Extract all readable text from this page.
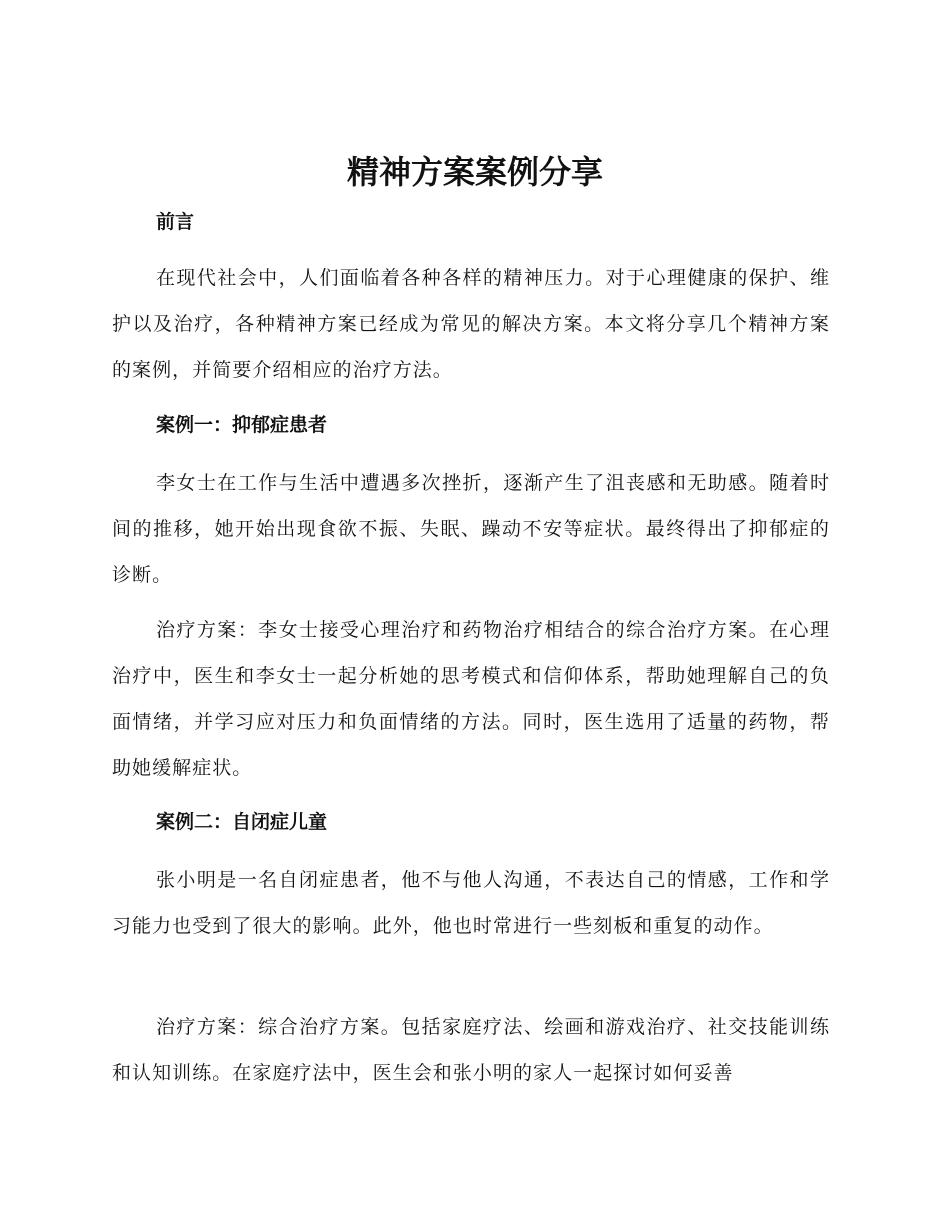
精神方案案例分享
前言

在现代社会中，人们面临着各种各样的精神压力。对于心理健康的保护、维护以及治疗，各种精神方案已经成为常见的解决方案。本文将分享几个精神方案的案例，并简要介绍相应的治疗方法。

案例一：抑郁症患者

李女士在工作与生活中遭遇多次挫折，逐渐产生了沮丧感和无助感。随着时间的推移，她开始出现食欲不振、失眠、躁动不安等症状。最终得出了抑郁症的诊断。

治疗方案：李女士接受心理治疗和药物治疗相结合的综合治疗方案。在心理治疗中，医生和李女士一起分析她的思考模式和信仰体系，帮助她理解自己的负面情绪，并学习应对压力和负面情绪的方法。同时，医生选用了适量的药物，帮助她缓解症状。

案例二：自闭症儿童

张小明是一名自闭症患者，他不与他人沟通，不表达自己的情感，工作和学习能力也受到了很大的影响。此外，他也时常进行一些刻板和重复的动作。

治疗方案：综合治疗方案。包括家庭疗法、绘画和游戏治疗、社交技能训练和认知训练。在家庭疗法中，医生会和张小明的家人一起探讨如何妥善
